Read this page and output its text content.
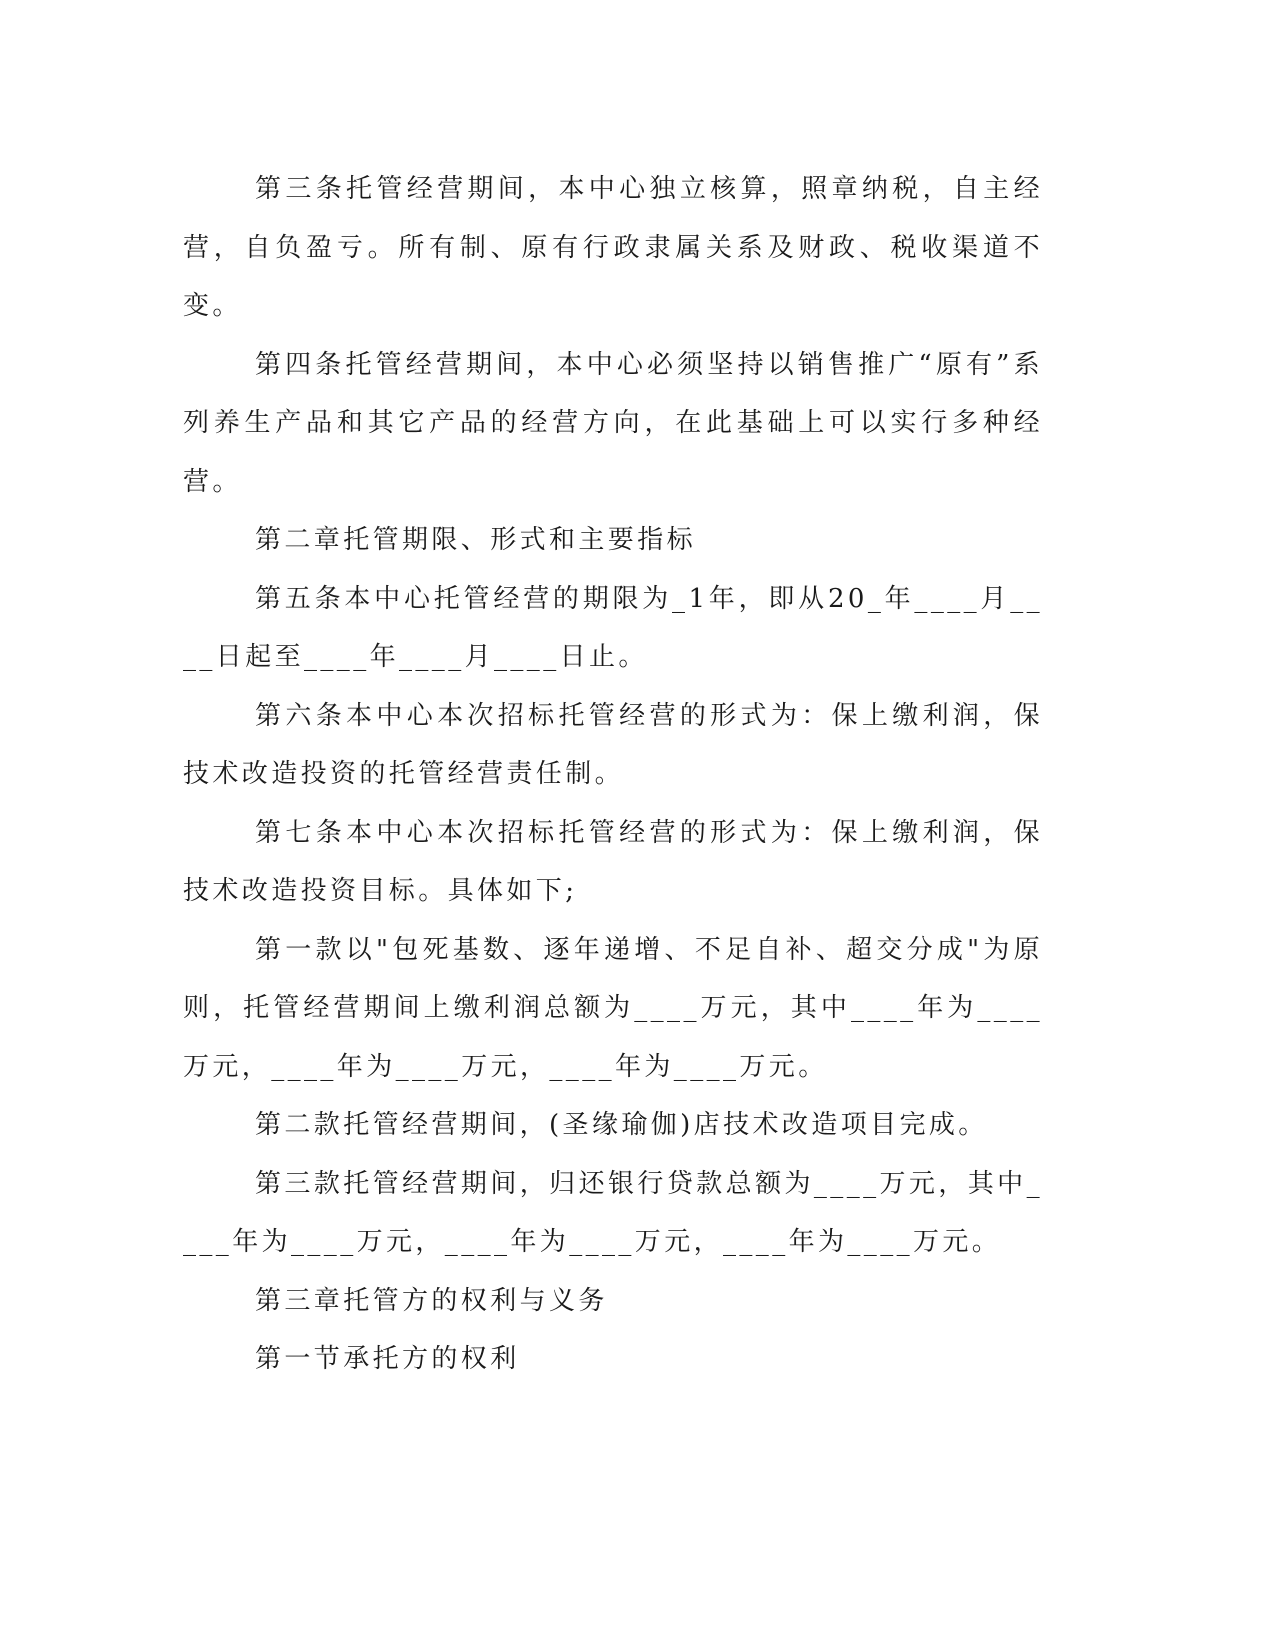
第三条托管经营期间，本中心独立核算，照章纳税，自主经营，自负盈亏。所有制、原有行政隶属关系及财政、税收渠道不变。

第四条托管经营期间，本中心必须坚持以销售推广“原有”系列养生产品和其它产品的经营方向，在此基础上可以实行多种经营。

第二章托管期限、形式和主要指标

第五条本中心托管经营的期限为_1年，即从20_年____月____日起至____年____月____日止。

第六条本中心本次招标托管经营的形式为：保上缴利润，保技术改造投资的托管经营责任制。

第七条本中心本次招标托管经营的形式为：保上缴利润，保技术改造投资目标。具体如下;

第一款以"包死基数、逐年递增、不足自补、超交分成"为原则，托管经营期间上缴利润总额为____万元，其中____年为____万元，____年为____万元，____年为____万元。

第二款托管经营期间，(圣缘瑜伽)店技术改造项目完成。

第三款托管经营期间，归还银行贷款总额为____万元，其中____年为____万元，____年为____万元，____年为____万元。

第三章托管方的权利与义务

第一节承托方的权利
